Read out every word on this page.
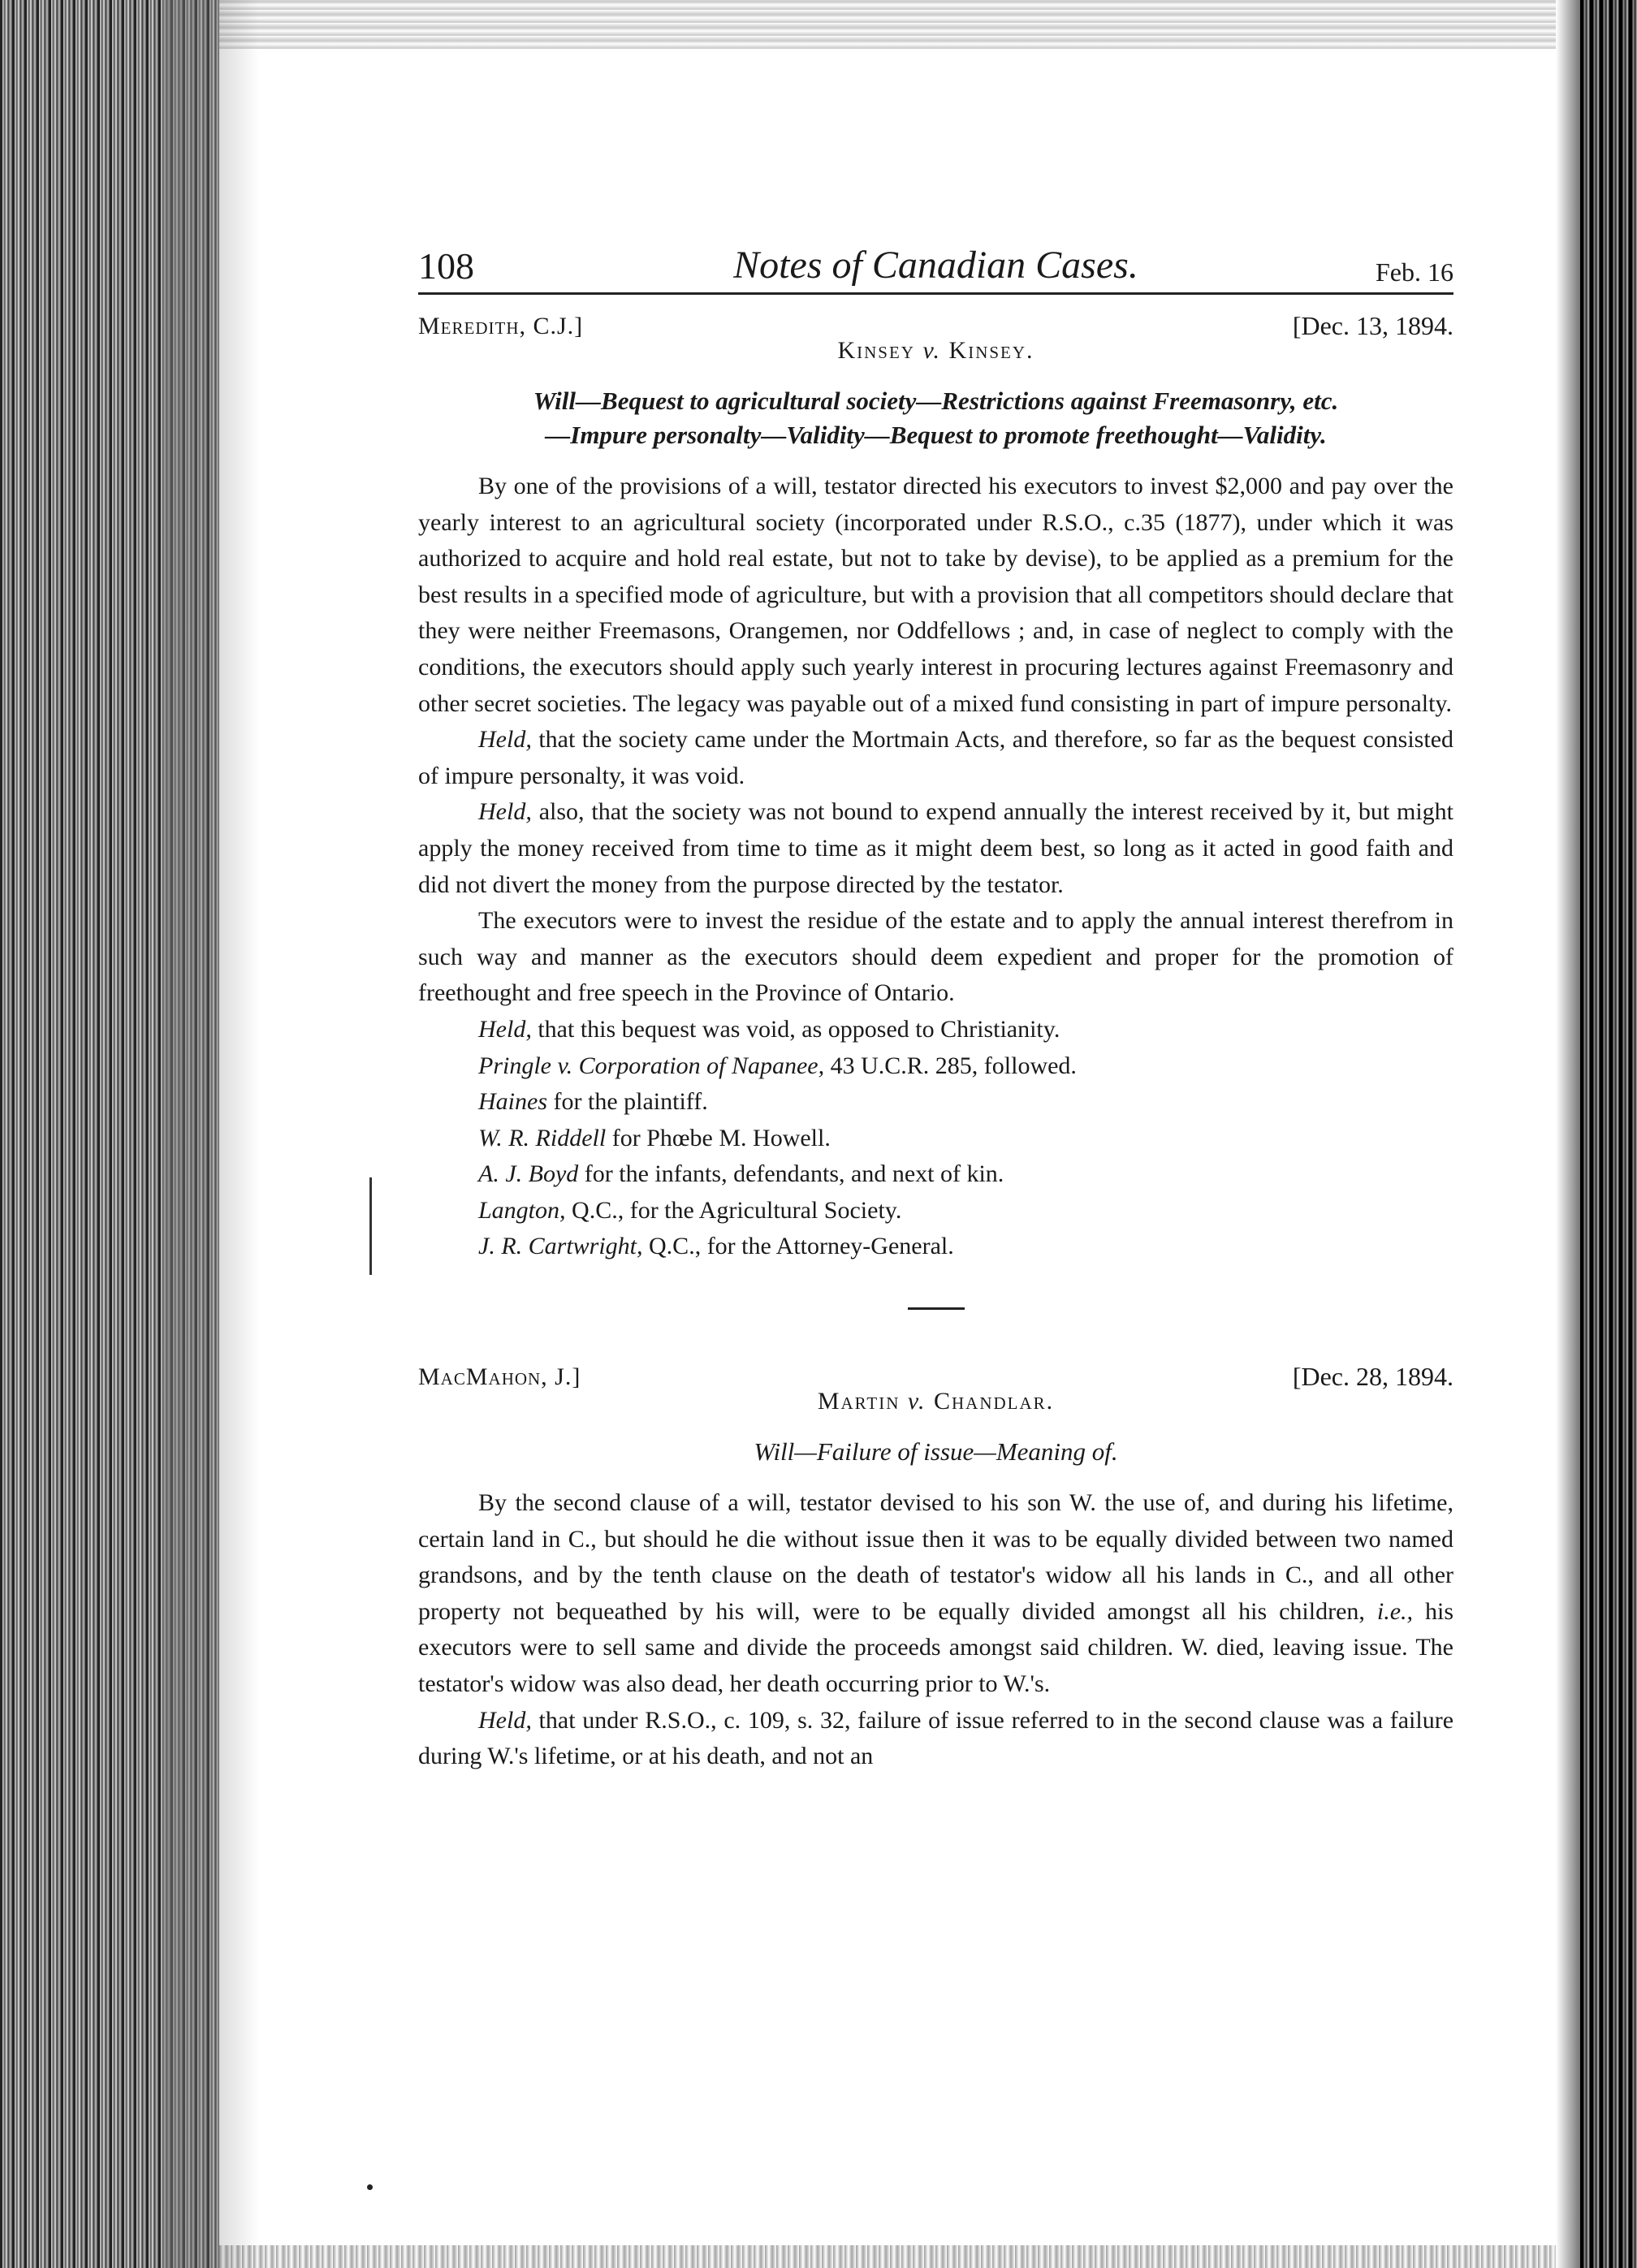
108	Notes of Canadian Cases.	Feb. 16
Meredith, C.J.]	[Dec. 13, 1894.
Kinsey v. Kinsey.
Will—Bequest to agricultural society—Restrictions against Freemasonry, etc.
—Impure personalty—Validity—Bequest to promote freethought—Validity.

By one of the provisions of a will, testator directed his executors to invest $2,000 and pay over the yearly interest to an agricultural society (incorporated under R.S.O., c.35 (1877), under which it was authorized to acquire and hold real estate, but not to take by devise), to be applied as a premium for the best results in a specified mode of agriculture, but with a provision that all competitors should declare that they were neither Freemasons, Orangemen, nor Oddfellows ; and, in case of neglect to comply with the conditions, the executors should apply such yearly interest in procuring lectures against Freemasonry and other secret societies. The legacy was payable out of a mixed fund consisting in part of impure personalty.

Held, that the society came under the Mortmain Acts, and therefore, so far as the bequest consisted of impure personalty, it was void.

Held, also, that the society was not bound to expend annually the interest received by it, but might apply the money received from time to time as it might deem best, so long as it acted in good faith and did not divert the money from the purpose directed by the testator.

The executors were to invest the residue of the estate and to apply the annual interest therefrom in such way and manner as the executors should deem expedient and proper for the promotion of freethought and free speech in the Province of Ontario.

Held, that this bequest was void, as opposed to Christianity.

Pringle v. Corporation of Napanee, 43 U.C.R. 285, followed.

Haines for the plaintiff.

W. R. Riddell for Phœbe M. Howell.

A. J. Boyd for the infants, defendants, and next of kin.

Langton, Q.C., for the Agricultural Society.

J. R. Cartwright, Q.C., for the Attorney-General.

MacMahon, J.]	[Dec. 28, 1894.
Martin v. Chandlar.
Will—Failure of issue—Meaning of.

By the second clause of a will, testator devised to his son W. the use of, and during his lifetime, certain land in C., but should he die without issue then it was to be equally divided between two named grandsons, and by the tenth clause on the death of testator's widow all his lands in C., and all other property not bequeathed by his will, were to be equally divided amongst all his children, i.e., his executors were to sell same and divide the proceeds amongst said children. W. died, leaving issue. The testator's widow was also dead, her death occurring prior to W.'s.

Held, that under R.S.O., c. 109, s. 32, failure of issue referred to in the second clause was a failure during W.'s lifetime, or at his death, and not an
